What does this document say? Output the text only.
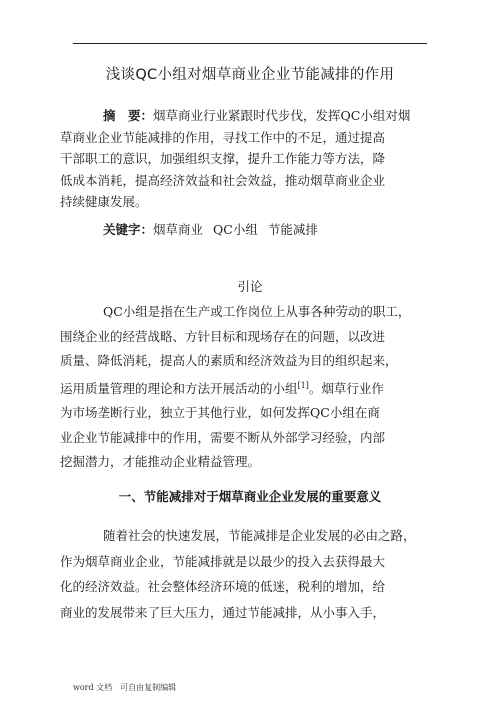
浅谈QC小组对烟草商业企业节能减排的作用
摘　要：烟草商业行业紧跟时代步伐，发挥QC小组对烟
草商业企业节能减排的作用，寻找工作中的不足，通过提高
干部职工的意识，加强组织支撑，提升工作能力等方法，降
低成本消耗，提高经济效益和社会效益，推动烟草商业企业
持续健康发展。
关键字：烟草商业 QC小组 节能减排
引论
QC小组是指在生产或工作岗位上从事各种劳动的职工，
围绕企业的经营战略、方针目标和现场存在的问题，以改进
质量、降低消耗，提高人的素质和经济效益为目的组织起来，
运用质量管理的理论和方法开展活动的小组[1]。烟草行业作
为市场垄断行业，独立于其他行业，如何发挥QC小组在商
业企业节能减排中的作用，需要不断从外部学习经验，内部
挖掘潜力，才能推动企业精益管理。
一、节能减排对于烟草商业企业发展的重要意义
随着社会的快速发展，节能减排是企业发展的必由之路，
作为烟草商业企业，节能减排就是以最少的投入去获得最大
化的经济效益。社会整体经济环境的低迷，税利的增加，给
商业的发展带来了巨大压力，通过节能减排，从小事入手，
word 文档　可自由复制编辑
